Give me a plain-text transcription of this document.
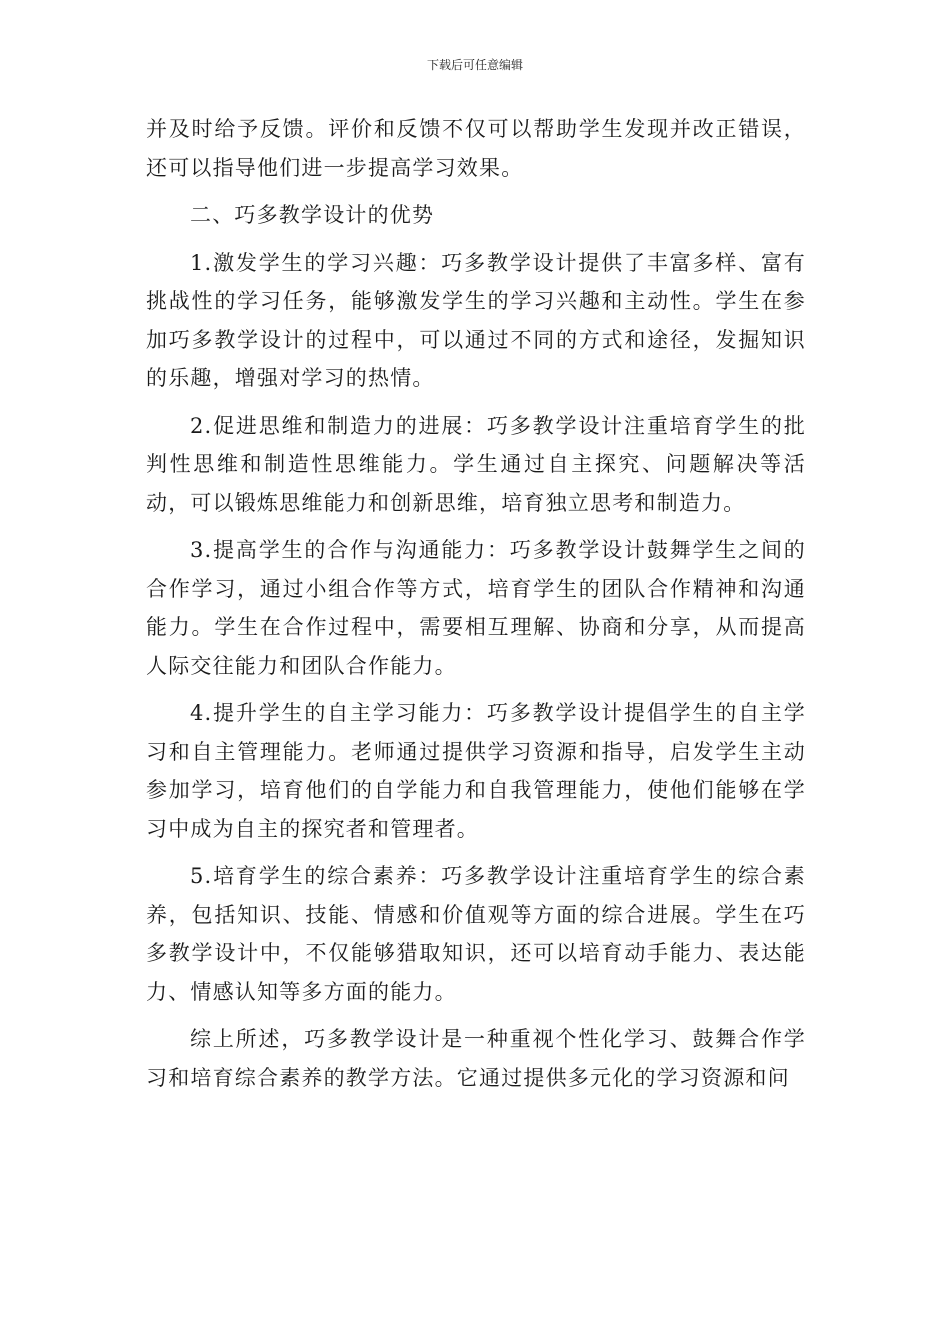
下载后可任意编辑

并及时给予反馈。评价和反馈不仅可以帮助学生发现并改正错误，还可以指导他们进一步提高学习效果。

二、巧多教学设计的优势

1.激发学生的学习兴趣：巧多教学设计提供了丰富多样、富有挑战性的学习任务，能够激发学生的学习兴趣和主动性。学生在参加巧多教学设计的过程中，可以通过不同的方式和途径，发掘知识的乐趣，增强对学习的热情。

2.促进思维和制造力的进展：巧多教学设计注重培育学生的批判性思维和制造性思维能力。学生通过自主探究、问题解决等活动，可以锻炼思维能力和创新思维，培育独立思考和制造力。

3.提高学生的合作与沟通能力：巧多教学设计鼓舞学生之间的合作学习，通过小组合作等方式，培育学生的团队合作精神和沟通能力。学生在合作过程中，需要相互理解、协商和分享，从而提高人际交往能力和团队合作能力。

4.提升学生的自主学习能力：巧多教学设计提倡学生的自主学习和自主管理能力。老师通过提供学习资源和指导，启发学生主动参加学习，培育他们的自学能力和自我管理能力，使他们能够在学习中成为自主的探究者和管理者。

5.培育学生的综合素养：巧多教学设计注重培育学生的综合素养，包括知识、技能、情感和价值观等方面的综合进展。学生在巧多教学设计中，不仅能够猎取知识，还可以培育动手能力、表达能力、情感认知等多方面的能力。

综上所述，巧多教学设计是一种重视个性化学习、鼓舞合作学习和培育综合素养的教学方法。它通过提供多元化的学习资源和问
